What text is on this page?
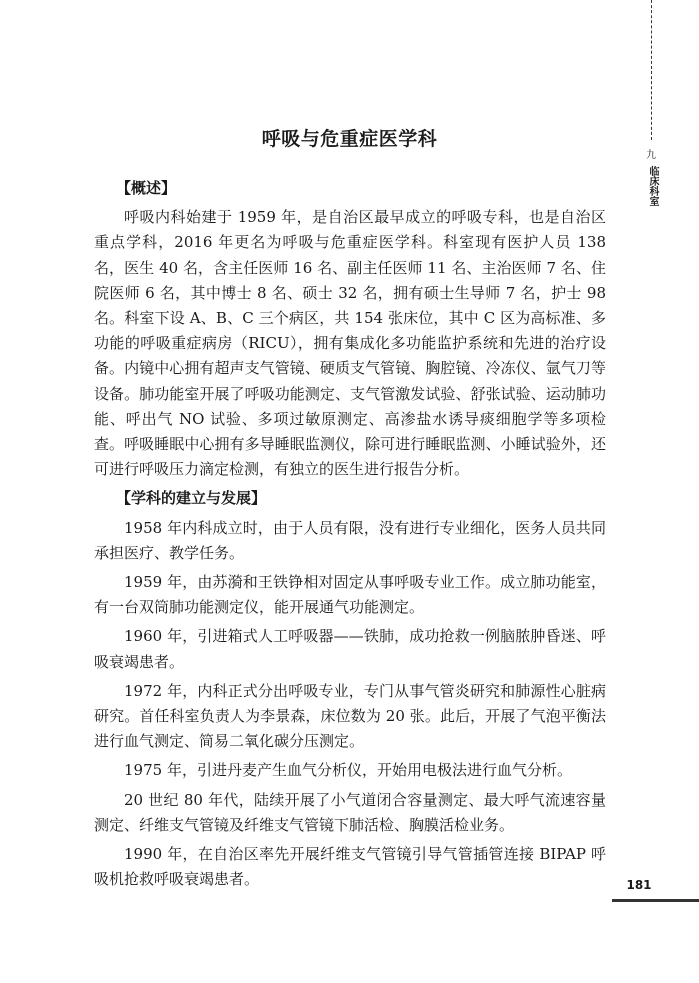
九
临床科室
呼吸与危重症医学科
【概述】

呼吸内科始建于 1959 年，是自治区最早成立的呼吸专科，也是自治区重点学科，2016 年更名为呼吸与危重症医学科。科室现有医护人员 138 名，医生 40 名，含主任医师 16 名、副主任医师 11 名、主治医师 7 名、住院医师 6 名，其中博士 8 名、硕士 32 名，拥有硕士生导师 7 名，护士 98 名。科室下设 A、B、C 三个病区，共 154 张床位，其中 C 区为高标准、多功能的呼吸重症病房（RICU），拥有集成化多功能监护系统和先进的治疗设备。内镜中心拥有超声支气管镜、硬质支气管镜、胸腔镜、冷冻仪、氩气刀等设备。肺功能室开展了呼吸功能测定、支气管激发试验、舒张试验、运动肺功能、呼出气 NO 试验、多项过敏原测定、高渗盐水诱导痰细胞学等多项检查。呼吸睡眠中心拥有多导睡眠监测仪，除可进行睡眠监测、小睡试验外，还可进行呼吸压力滴定检测，有独立的医生进行报告分析。

【学科的建立与发展】

1958 年内科成立时，由于人员有限，没有进行专业细化，医务人员共同承担医疗、教学任务。

1959 年，由苏漪和王铁铮相对固定从事呼吸专业工作。成立肺功能室，有一台双筒肺功能测定仪，能开展通气功能测定。

1960 年，引进箱式人工呼吸器——铁肺，成功抢救一例脑脓肿昏迷、呼吸衰竭患者。

1972 年，内科正式分出呼吸专业，专门从事气管炎研究和肺源性心脏病研究。首任科室负责人为李景森，床位数为 20 张。此后，开展了气泡平衡法进行血气测定、简易二氧化碳分压测定。

1975 年，引进丹麦产生血气分析仪，开始用电极法进行血气分析。

20 世纪 80 年代，陆续开展了小气道闭合容量测定、最大呼气流速容量测定、纤维支气管镜及纤维支气管镜下肺活检、胸膜活检业务。

1990 年，在自治区率先开展纤维支气管镜引导气管插管连接 BIPAP 呼吸机抢救呼吸衰竭患者。	181
